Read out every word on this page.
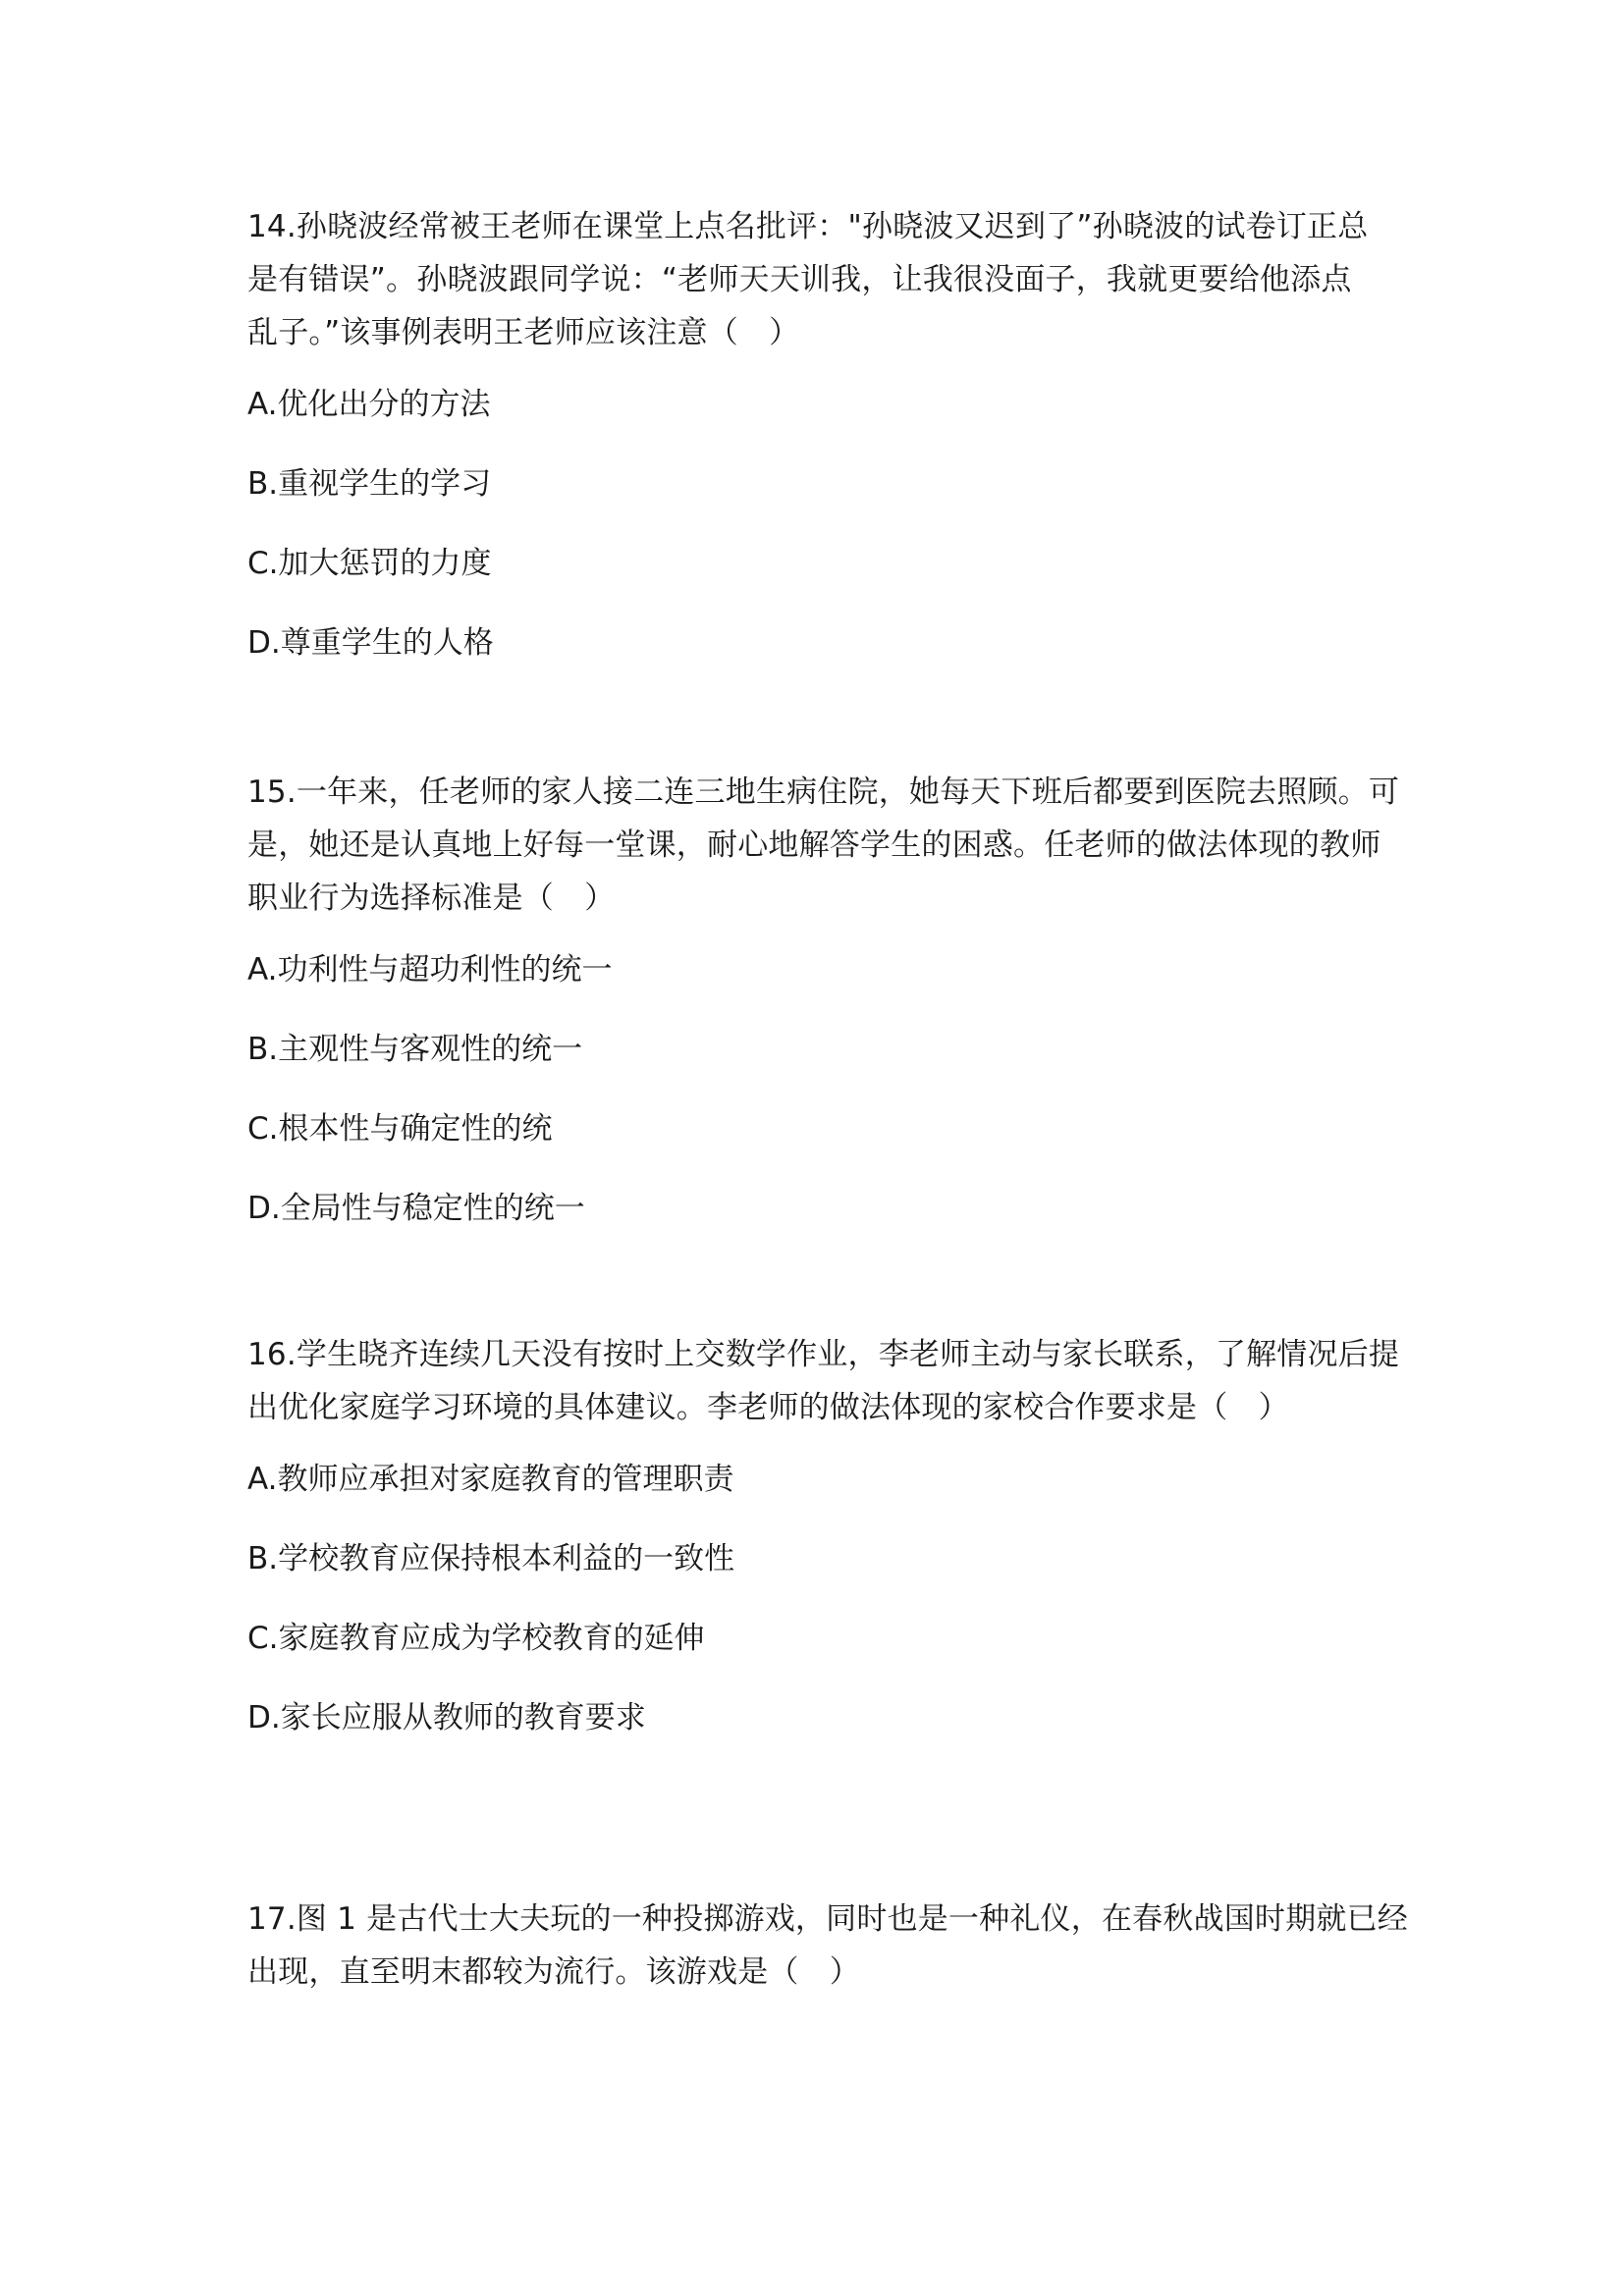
14.孙晓波经常被王老师在课堂上点名批评："孙晓波又迟到了”孙晓波的试卷订正总
是有错误”。孙晓波跟同学说：“老师天天训我，让我很没面子，我就更要给他添点
乱子。”该事例表明王老师应该注意（　）

A.优化出分的方法
B.重视学生的学习
C.加大惩罚的力度
D.尊重学生的人格

15.一年来，任老师的家人接二连三地生病住院，她每天下班后都要到医院去照顾。可
是，她还是认真地上好每一堂课，耐心地解答学生的困惑。任老师的做法体现的教师
职业行为选择标准是（　）

A.功利性与超功利性的统一
B.主观性与客观性的统一
C.根本性与确定性的统
D.全局性与稳定性的统一

16.学生晓齐连续几天没有按时上交数学作业，李老师主动与家长联系，了解情况后提
出优化家庭学习环境的具体建议。李老师的做法体现的家校合作要求是（　）

A.教师应承担对家庭教育的管理职责
B.学校教育应保持根本利益的一致性
C.家庭教育应成为学校教育的延伸
D.家长应服从教师的教育要求

17.图 1 是古代士大夫玩的一种投掷游戏，同时也是一种礼仪，在春秋战国时期就已经
出现，直至明末都较为流行。该游戏是（　）
